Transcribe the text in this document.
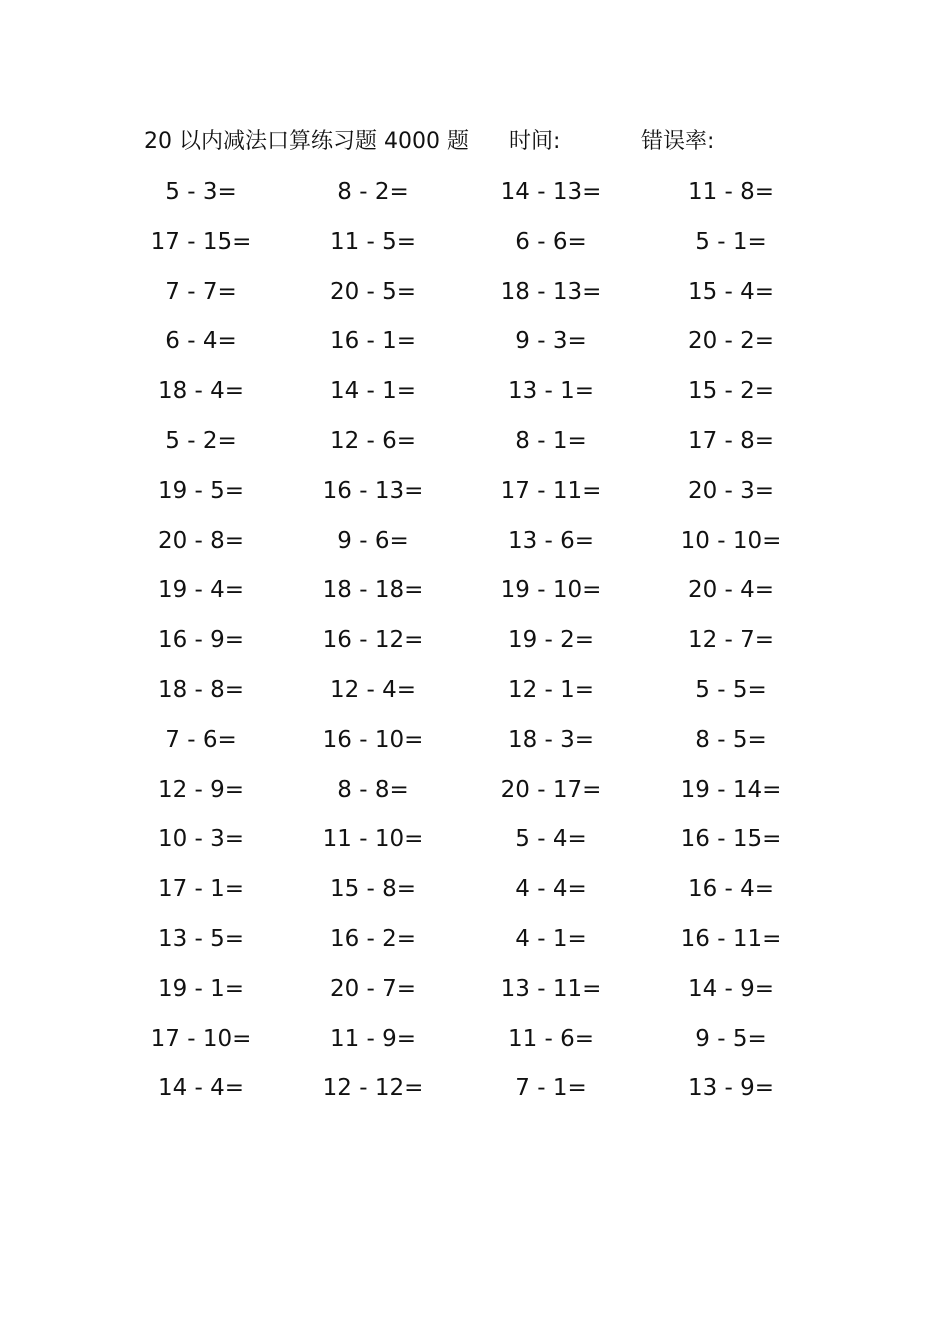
20 以内减法口算练习题 4000 题 时间:	错误率:
5 - 3=	8 - 2=	14 - 13=	11 - 8=
17 - 15=	11 - 5=	6 - 6=	5 - 1=
7 - 7=	20 - 5=	18 - 13=	15 - 4=
6 - 4=	16 - 1=	9 - 3=	20 - 2=
18 - 4=	14 - 1=	13 - 1=	15 - 2=
5 - 2=	12 - 6=	8 - 1=	17 - 8=
19 - 5=	16 - 13=	17 - 11=	20 - 3=
20 - 8=	9 - 6=	13 - 6=	10 - 10=
19 - 4=	18 - 18=	19 - 10=	20 - 4=
16 - 9=	16 - 12=	19 - 2=	12 - 7=
18 - 8=	12 - 4=	12 - 1=	5 - 5=
7 - 6=	16 - 10=	18 - 3=	8 - 5=
12 - 9=	8 - 8=	20 - 17=	19 - 14=
10 - 3=	11 - 10=	5 - 4=	16 - 15=
17 - 1=	15 - 8=	4 - 4=	16 - 4=
13 - 5=	16 - 2=	4 - 1=	16 - 11=
19 - 1=	20 - 7=	13 - 11=	14 - 9=
17 - 10=	11 - 9=	11 - 6=	9 - 5=
14 - 4=	12 - 12=	7 - 1=	13 - 9=
